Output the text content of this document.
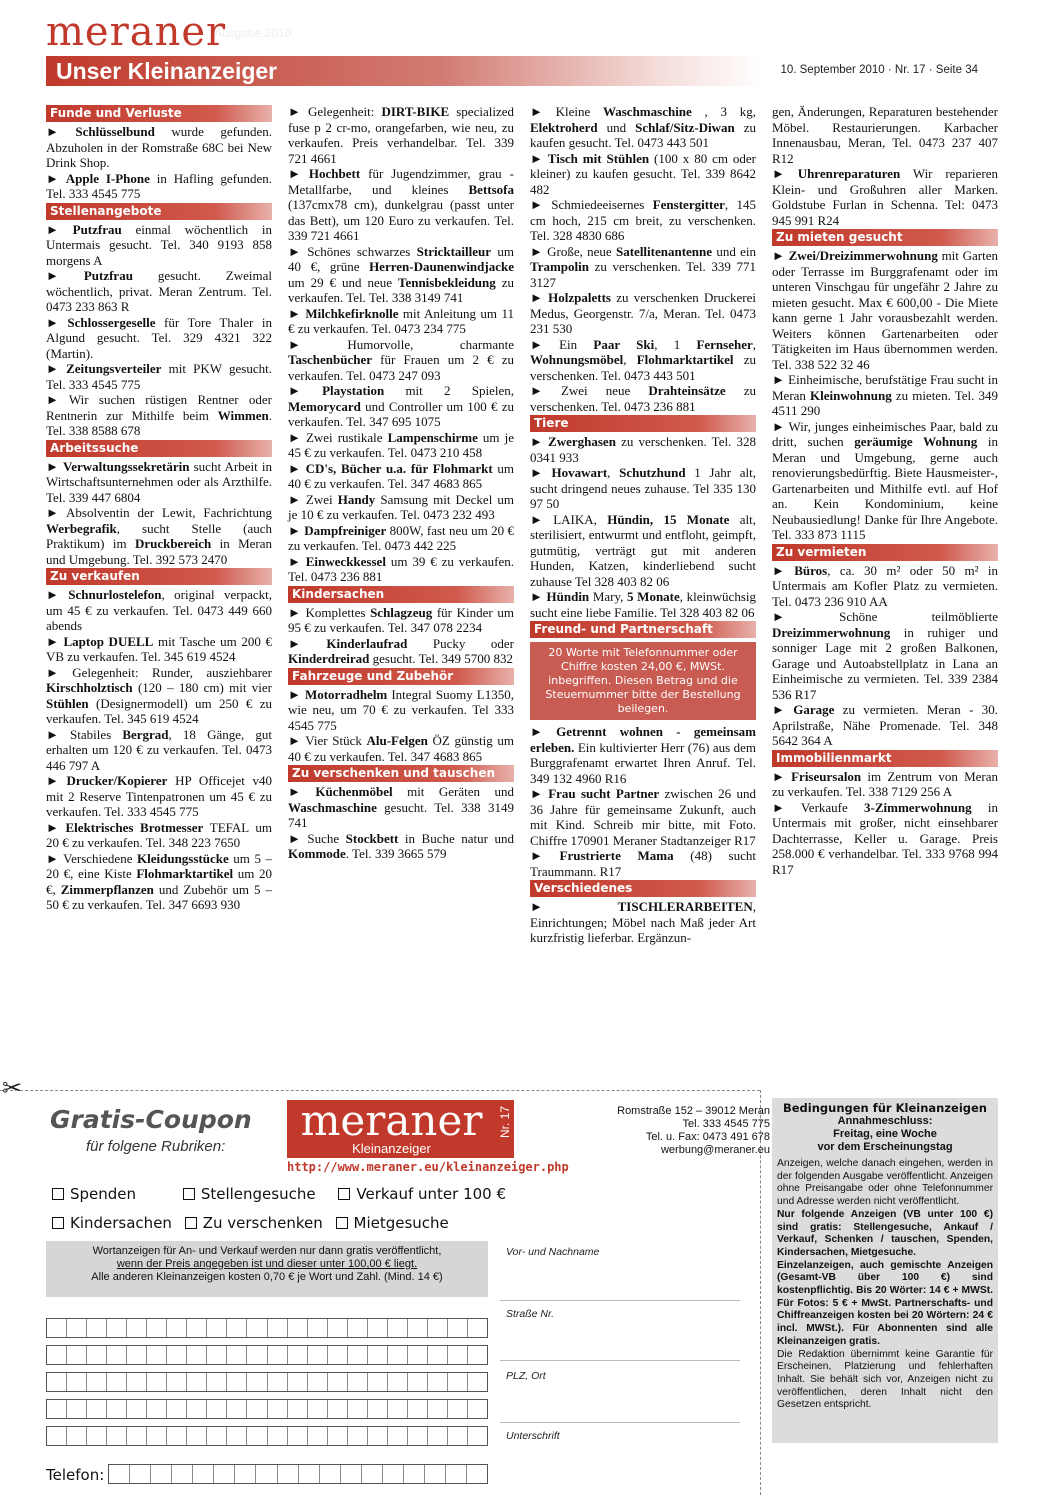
meraner
Ausgabe 2010
Unser Kleinanzeiger	10. September 2010 · Nr. 17 · Seite 34
Funde und Verluste

► Schlüsselbund wurde gefunden. Abzuholen in der Romstraße 68C bei New Drink Shop.

► Apple I-Phone in Hafling gefunden. Tel. 333 4545 775

Stellenangebote

► Putzfrau einmal wöchentlich in Untermais gesucht. Tel. 340 9193 858 morgens A

► Putzfrau gesucht. Zweimal wöchentlich, privat. Meran Zentrum. Tel. 0473 233 863 R

► Schlossergeselle für Tore Thaler in Algund gesucht. Tel. 329 4321 322 (Martin).

► Zeitungsverteiler mit PKW gesucht. Tel. 333 4545 775

► Wir suchen rüstigen Rentner oder Rentnerin zur Mithilfe beim Wimmen. Tel. 338 8588 678

Arbeitssuche

► Verwaltungssekretärin sucht Arbeit in Wirtschaftsunternehmen oder als Arzthilfe. Tel. 339 447 6804

► Absolventin der Lewit, Fachrichtung Werbegrafik, sucht Stelle (auch Praktikum) im Druckbereich in Meran und Umgebung. Tel. 392 573 2470

Zu verkaufen

► Schnurlostelefon, original verpackt, um 45 € zu verkaufen. Tel. 0473 449 660 abends

► Laptop DUELL mit Tasche um 200 € VB zu verkaufen. Tel. 345 619 4524

► Gelegenheit: Runder, ausziehbarer Kirschholztisch (120 – 180 cm) mit vier Stühlen (Designermodell) um 250 € zu verkaufen. Tel. 345 619 4524

► Stabiles Bergrad, 18 Gänge, gut erhalten um 120 € zu verkaufen. Tel. 0473 446 797 A

► Drucker/Kopierer HP Officejet v40 mit 2 Reserve Tintenpatronen um 45 € zu verkaufen. Tel. 333 4545 775

► Elektrisches Brotmesser TEFAL um 20 € zu verkaufen. Tel. 348 223 7650

► Verschiedene Kleidungsstücke um 5 – 20 €, eine Kiste Flohmarktartikel um 20 €, Zimmerpflanzen und Zubehör um 5 – 50 € zu verkaufen. Tel. 347 6693 930

► Gelegenheit: DIRT-BIKE specialized fuse p 2 cr-mo, orangefarben, wie neu, zu verkaufen. Preis verhandelbar. Tel. 339 721 4661

► Hochbett für Jugendzimmer, grau - Metallfarbe, und kleines Bettsofa (137cmx78 cm), dunkelgrau (passt unter das Bett), um 120 Euro zu verkaufen. Tel. 339 721 4661

► Schönes schwarzes Stricktailleur um 40 €, grüne Herren-Daunenwindjacke um 29 € und neue Tennisbekleidung zu verkaufen. Tel. Tel. 338 3149 741

► Milchkefirknolle mit Anleitung um 11 € zu verkaufen. Tel. 0473 234 775

► Humorvolle, charmante Taschenbücher für Frauen um 2 € zu verkaufen. Tel. 0473 247 093

► Playstation mit 2 Spielen, Memorycard und Controller um 100 € zu verkaufen. Tel. 347 695 1075

► Zwei rustikale Lampenschirme um je 45 € zu verkaufen. Tel. 0473 210 458

► CD's, Bücher u.a. für Flohmarkt um 40 € zu verkaufen. Tel. 347 4683 865

► Zwei Handy Samsung mit Deckel um je 10 € zu verkaufen. Tel. 0473 232 493

► Dampfreiniger 800W, fast neu um 20 € zu verkaufen. Tel. 0473 442 225

► Einweckkessel um 39 € zu verkaufen. Tel. 0473 236 881

Kindersachen

► Komplettes Schlagzeug für Kinder um 95 € zu verkaufen. Tel. 347 078 2234

► Kinderlaufrad Pucky oder Kinderdreirad gesucht. Tel. 349 5700 832

Fahrzeuge und Zubehör

► Motorradhelm Integral Suomy L1350, wie neu, um 70 € zu verkaufen. Tel 333 4545 775

► Vier Stück Alu-Felgen ÖZ günstig um 40 € zu verkaufen. Tel. 347 4683 865

Zu verschenken und tauschen

► Küchenmöbel mit Geräten und Waschmaschine gesucht. Tel. 338 3149 741

► Suche Stockbett in Buche natur und Kommode. Tel. 339 3665 579

► Kleine Waschmaschine , 3 kg, Elektroherd und Schlaf/Sitz-Diwan zu kaufen gesucht. Tel. 0473 443 501

► Tisch mit Stühlen (100 x 80 cm oder kleiner) zu kaufen gesucht. Tel. 339 8642 482

► Schmiedeeisernes Fenstergitter, 145 cm hoch, 215 cm breit, zu verschenken. Tel. 328 4830 686

► Große, neue Satellitenantenne und ein Trampolin zu verschenken. Tel. 339 771 3127

► Holzpaletts zu verschenken Druckerei Medus, Georgenstr. 7/a, Meran. Tel. 0473 231 530

► Ein Paar Ski, 1 Fernseher, Wohnungsmöbel, Flohmarktartikel zu verschenken. Tel. 0473 443 501

► Zwei neue Drahteinsätze zu verschenken. Tel. 0473 236 881

Tiere

► Zwerghasen zu verschenken. Tel. 328 0341 933

► Hovawart, Schutzhund 1 Jahr alt, sucht dringend neues zuhause. Tel 335 130 97 50

► LAIKA, Hündin, 15 Monate alt, sterilisiert, entwurmt und entfloht, geimpft, gutmütig, verträgt gut mit anderen Hunden, Katzen, kinderliebend sucht zuhause Tel 328 403 82 06

► Hündin Mary, 5 Monate, kleinwüchsig sucht eine liebe Familie. Tel 328 403 82 06

Freund- und Partnerschaft
20 Worte mit Telefonnummer oder Chiffre kosten 24,00 €, MWSt. inbegriffen. Diesen Betrag und die Steuernummer bitte der Bestellung beilegen.

► Getrennt wohnen - gemeinsam erleben. Ein kultivierter Herr (76) aus dem Burggrafenamt erwartet Ihren Anruf. Tel. 349 132 4960 R16

► Frau sucht Partner zwischen 26 und 36 Jahre für gemeinsame Zukunft, auch mit Kind. Schreib mir bitte, mit Foto. Chiffre 170901 Meraner Stadtanzeiger R17

► Frustrierte Mama (48) sucht Traummann. R17

Verschiedenes

► TISCHLERARBEITEN, Einrichtungen; Möbel nach Maß jeder Art kurzfristig lieferbar. Ergänzun-

gen, Änderungen, Reparaturen bestehender Möbel. Restaurierungen. Karbacher Innenausbau, Meran, Tel. 0473 237 407 R12

► Uhrenreparaturen Wir reparieren Klein- und Großuhren aller Marken. Goldstube Furlan in Schenna. Tel: 0473 945 991 R24

Zu mieten gesucht

► Zwei/Dreizimmerwohnung mit Garten oder Terrasse im Burggrafenamt oder im unteren Vinschgau für ungefähr 2 Jahre zu mieten gesucht. Max € 600,00 - Die Miete kann gerne 1 Jahr vorausbezahlt werden. Weiters können Gartenarbeiten oder Tätigkeiten im Haus übernommen werden. Tel. 338 522 32 46

► Einheimische, berufstätige Frau sucht in Meran Kleinwohnung zu mieten. Tel. 349 4511 290

► Wir, junges einheimisches Paar, bald zu dritt, suchen geräumige Wohnung in Meran und Umgebung, gerne auch renovierungsbedürftig. Biete Hausmeister-, Gartenarbeiten und Mithilfe evtl. auf Hof an. Kein Kondominium, keine Neubausiedlung! Danke für Ihre Angebote. Tel. 333 873 1115

Zu vermieten

► Büros, ca. 30 m² oder 50 m² in Untermais am Kofler Platz zu vermieten. Tel. 0473 236 910 AA

► Schöne teilmöblierte Dreizimmerwohnung in ruhiger und sonniger Lage mit 2 großen Balkonen, Garage und Autoabstellplatz in Lana an Einheimische zu vermieten. Tel. 339 2384 536 R17

► Garage zu vermieten. Meran - 30. Aprilstraße, Nähe Promenade. Tel. 348 5642 364 A

Immobilienmarkt

► Friseursalon im Zentrum von Meran zu verkaufen. Tel. 338 7129 256 A

► Verkaufe 3-Zimmerwohnung in Untermais mit großer, nicht einsehbarer Dachterrasse, Keller u. Garage. Preis 258.000 € verhandelbar. Tel. 333 9768 994 R17

✂
Gratis-Coupon
für folgene Rubriken:
meraner
Kleinanzeiger
Nr. 17
http://www.meraner.eu/kleinanzeiger.php
Romstraße 152 – 39012 Meran
Tel. 333 4545 775
Tel. u. Fax: 0473 491 678
werbung@meraner.eu
Spenden	Stellengesuche	Verkauf unter 100 €
Kindersachen Zu verschenken Mietgesuche
Wortanzeigen für An- und Verkauf werden nur dann gratis veröffentlicht,
wenn der Preis angegeben ist und dieser unter 100,00 € liegt.
Alle anderen Kleinanzeigen kosten 0,70 € je Wort und Zahl. (Mind. 14 €)
Telefon:
Vor- und Nachname
Straße Nr.
PLZ, Ort
Unterschrift
Bedingungen für Kleinanzeigen
Annahmeschluss:
Freitag, eine Woche
vor dem Erscheinungstag

Anzeigen, welche danach eingehen, werden in der folgenden Ausgabe veröffentlicht. Anzeigen ohne Preisangabe oder ohne Telefonnummer und Adresse werden nicht veröffentlicht.

Nur folgende Anzeigen (VB unter 100 €) sind gratis: Stellengesuche, Ankauf / Verkauf, Schenken / tauschen, Spenden, Kindersachen, Mietgesuche.

Einzelanzeigen, auch gemischte Anzeigen (Gesamt-VB über 100 €) sind kostenpflichtig. Bis 20 Wörter: 14 € + MWSt. Für Fotos: 5 € + MwSt. Partnerschafts- und Chiffreanzeigen kosten bei 20 Wörtern: 24 € incl. MWSt.). Für Abonnenten sind alle Kleinanzeigen gratis.

Die Redaktion übernimmt keine Garantie für Erscheinen, Platzierung und fehlerhaften Inhalt. Sie behält sich vor, Anzeigen nicht zu veröffentlichen, deren Inhalt nicht den Gesetzen entspricht.
